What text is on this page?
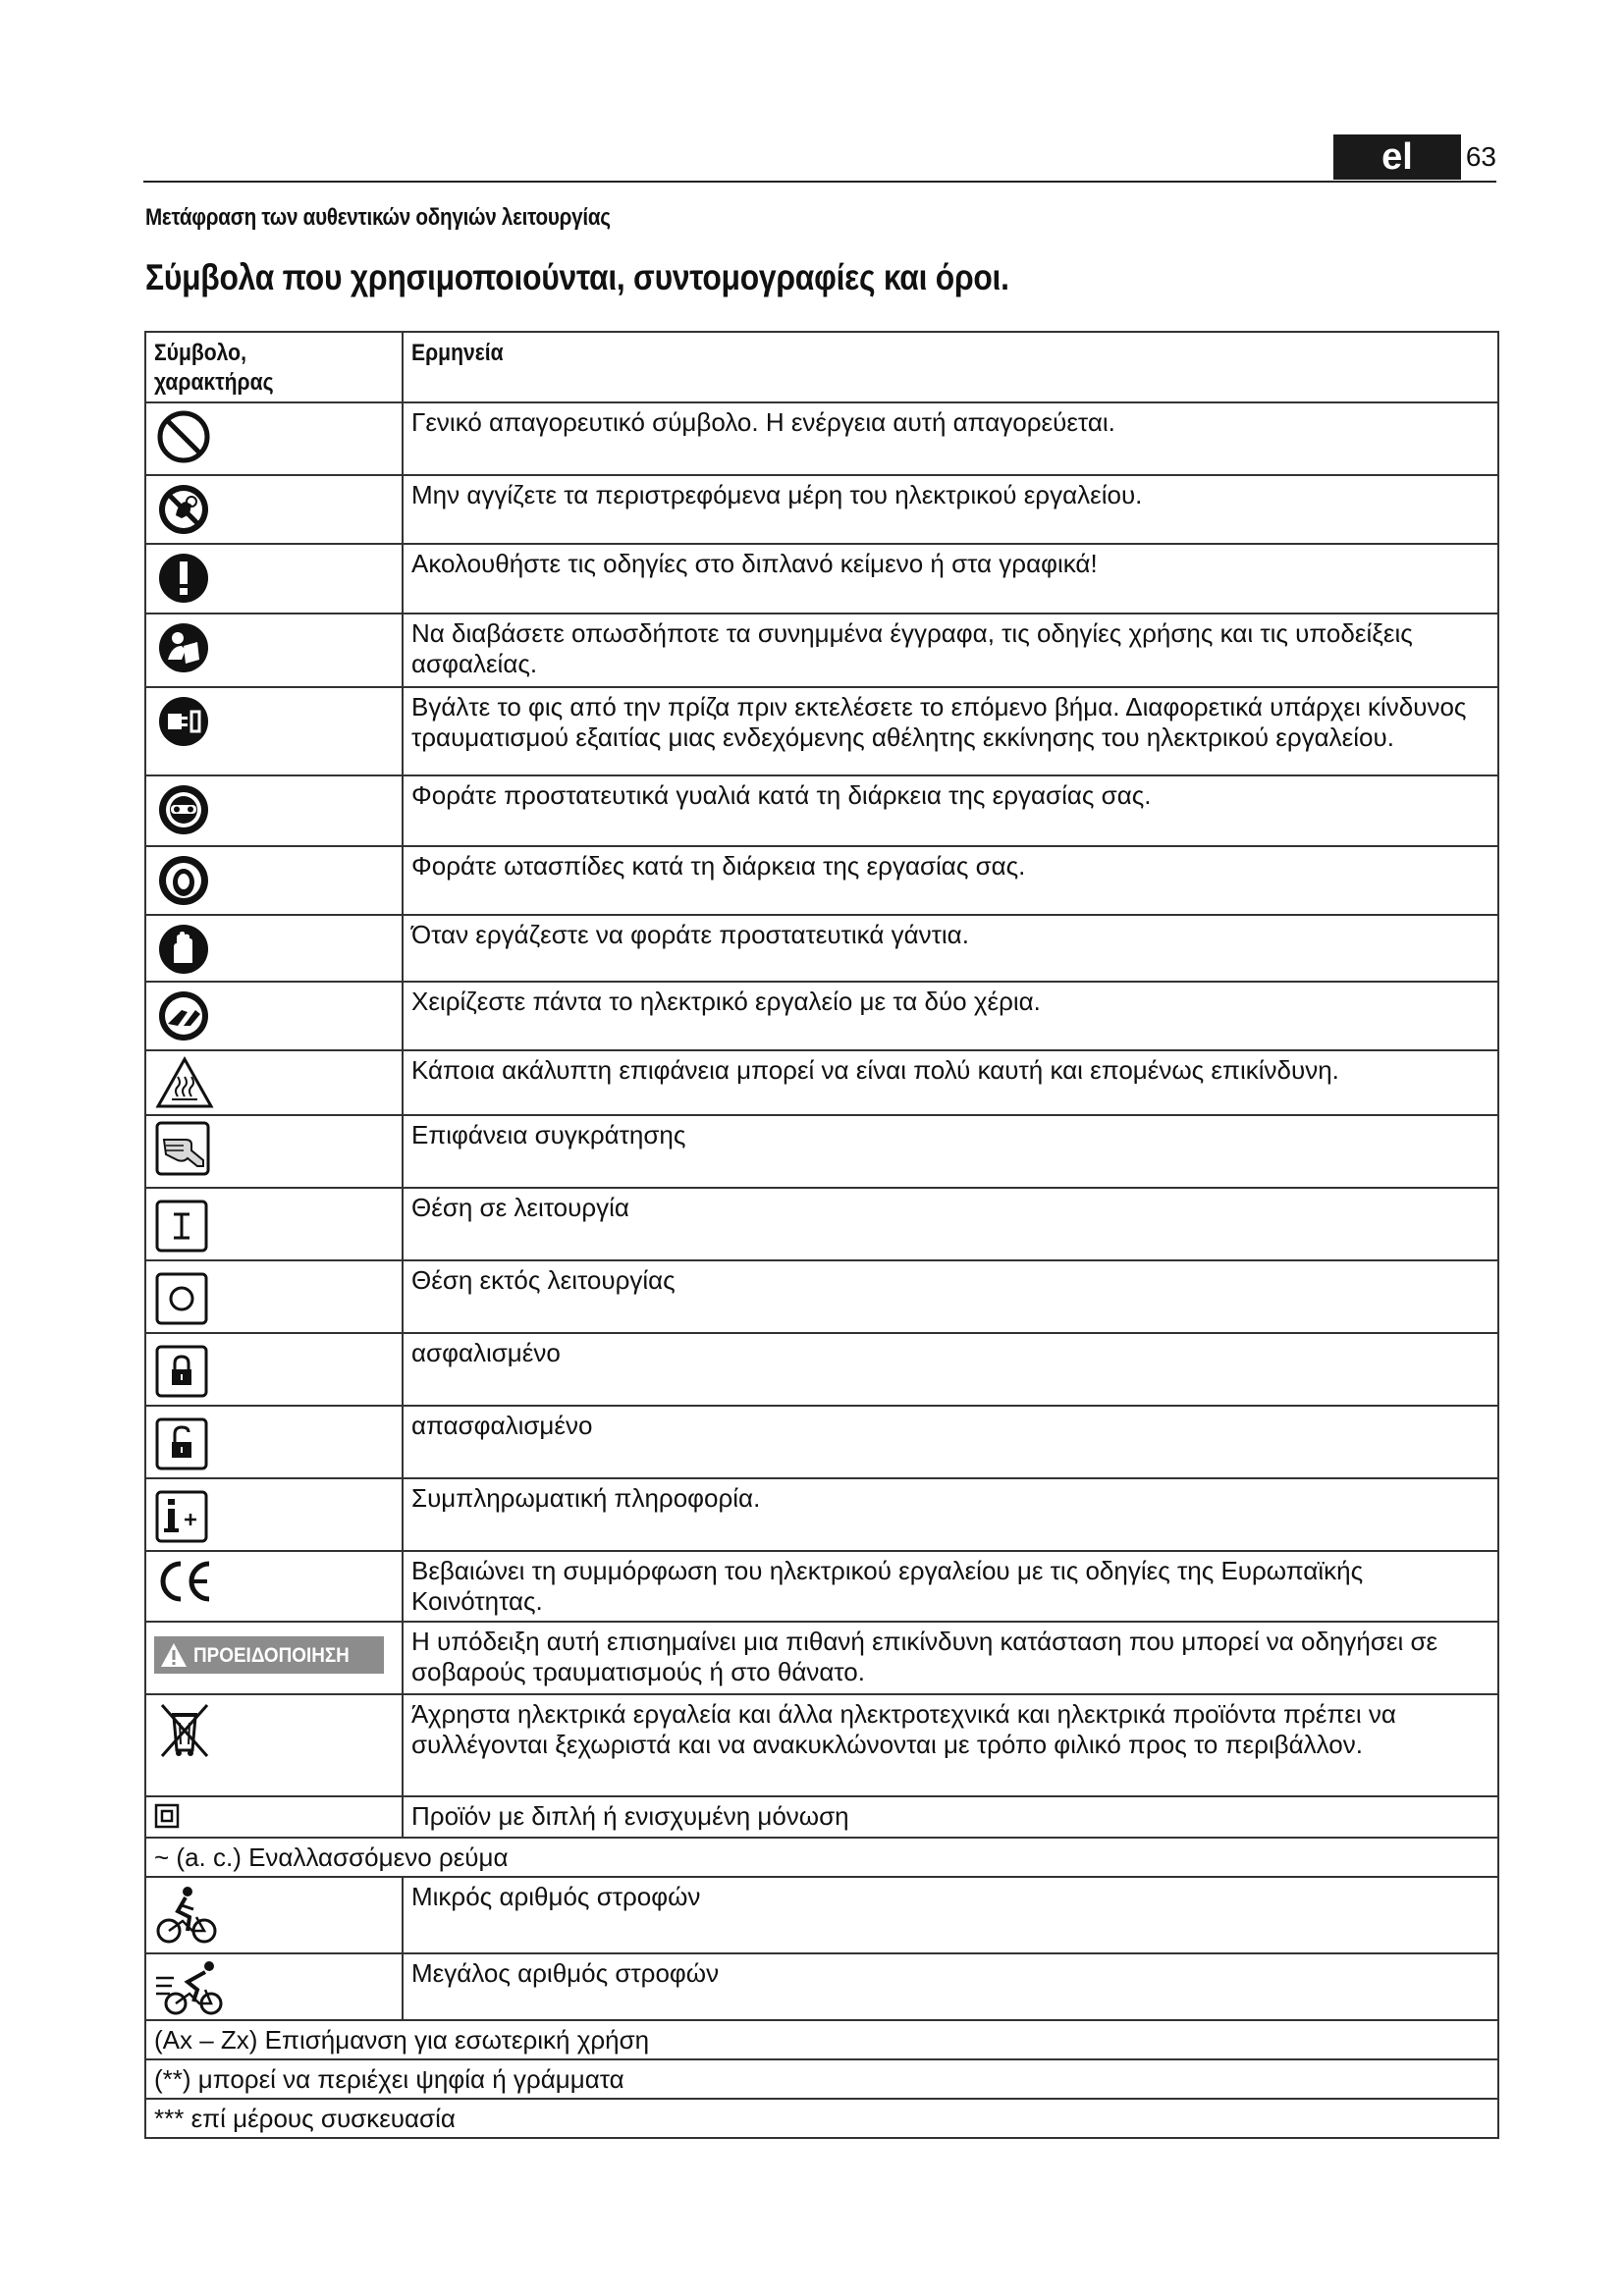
el	63
Μετάφραση των αυθεντικών οδηγιών λειτουργίας
Σύμβολα που χρησιμοποιούνται, συντομογραφίες και όροι.
Σύμβολο, χαρακτήρας	Ερμηνεία

	Γενικό απαγορευτικό σύμβολο. Η ενέργεια αυτή απαγορεύεται.

	Μην αγγίζετε τα περιστρεφόμενα μέρη του ηλεκτρικού εργαλείου.

	Ακολουθήστε τις οδηγίες στο διπλανό κείμενο ή στα γραφικά!

	Να διαβάσετε οπωσδήποτε τα συνημμένα έγγραφα, τις οδηγίες χρήσης και τις υποδείξεις ασφαλείας.

	Βγάλτε το φις από την πρίζα πριν εκτελέσετε το επόμενο βήμα. Διαφορετικά υπάρχει κίνδυνος τραυματισμού εξαιτίας μιας ενδεχόμενης αθέλητης εκκίνησης του ηλεκτρικού εργαλείου.

	Φοράτε προστατευτικά γυαλιά κατά τη διάρκεια της εργασίας σας.

	Φοράτε ωτασπίδες κατά τη διάρκεια της εργασίας σας.

	Όταν εργάζεστε να φοράτε προστατευτικά γάντια.

	Χειρίζεστε πάντα το ηλεκτρικό εργαλείο με τα δύο χέρια.

	Κάποια ακάλυπτη επιφάνεια μπορεί να είναι πολύ καυτή και επομένως επικίνδυνη.

	Επιφάνεια συγκράτησης

	Θέση σε λειτουργία

	Θέση εκτός λειτουργίας

	ασφαλισμένο

	απασφαλισμένο

	Συμπληρωματική πληροφορία.

	Βεβαιώνει τη συμμόρφωση του ηλεκτρικού εργαλείου με τις οδηγίες της Ευρωπαϊκής Κοινότητας.

ΠΡΟΕΙΔΟΠΟΙΗΣΗ	Η υπόδειξη αυτή επισημαίνει μια πιθανή επικίνδυνη κατάσταση που μπορεί να οδηγήσει σε σοβαρούς τραυματισμούς ή στο θάνατο.

	Άχρηστα ηλεκτρικά εργαλεία και άλλα ηλεκτροτεχνικά και ηλεκτρικά προϊόντα πρέπει να συλλέγονται ξεχωριστά και να ανακυκλώνονται με τρόπο φιλικό προς το περιβάλλον.

	Προϊόν με διπλή ή ενισχυμένη μόνωση
~ (a. c.) Εναλλασσόμενο ρεύμα	

	Μικρός αριθμός στροφών

	Μεγάλος αριθμός στροφών
(Ax – Zx) Επισήμανση για εσωτερική χρήση	
(**) μπορεί να περιέχει ψηφία ή γράμματα	
*** επί μέρους συσκευασία	
